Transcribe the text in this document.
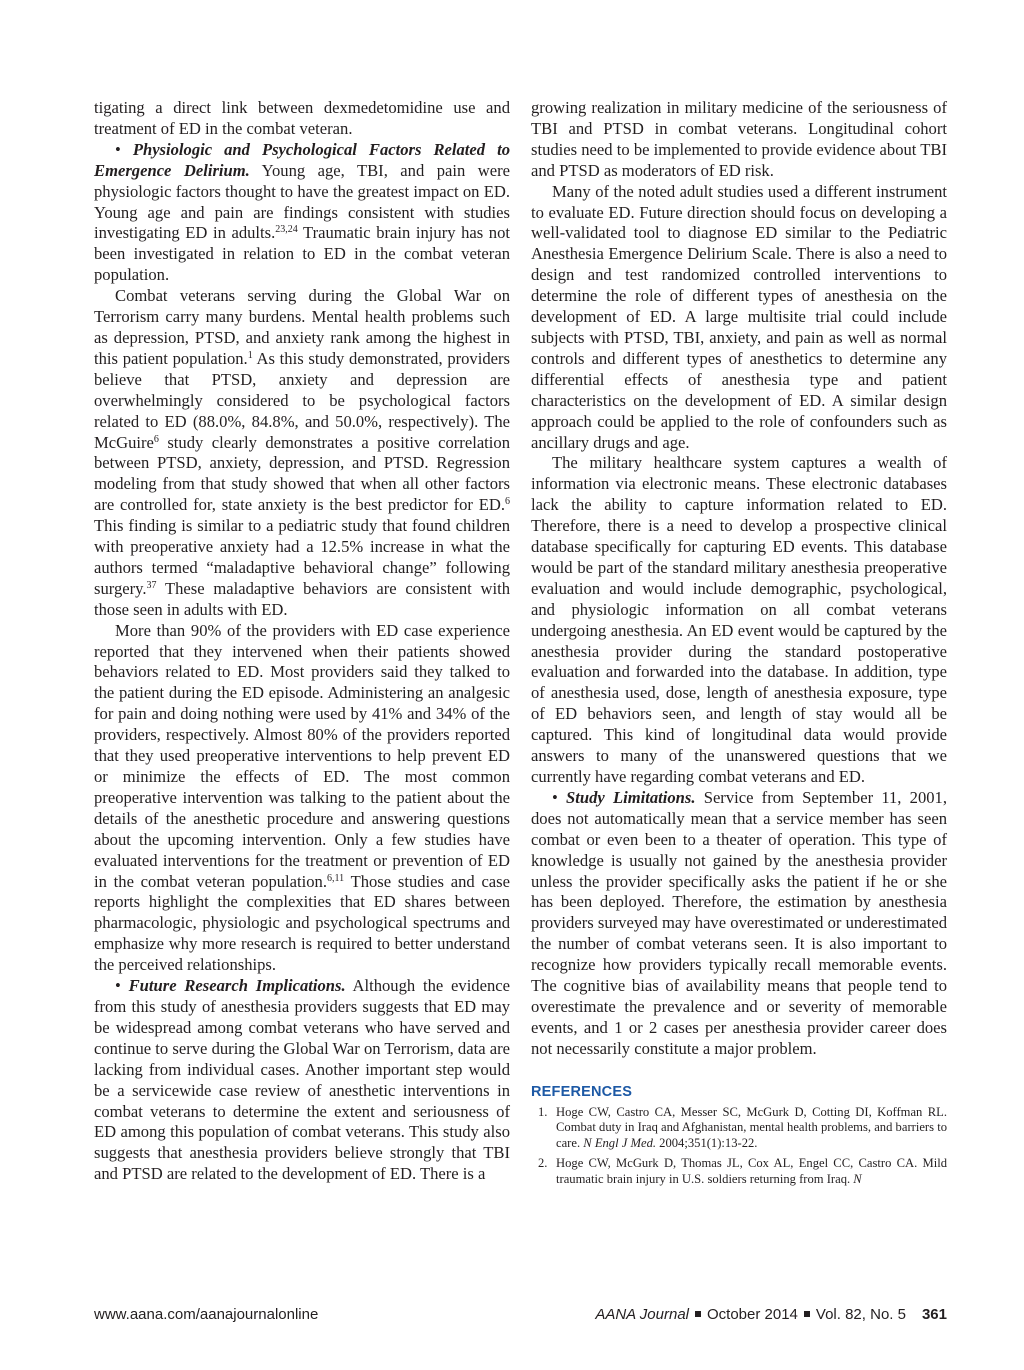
tigating a direct link between dexmedetomidine use and treatment of ED in the combat veteran.

• Physiologic and Psychological Factors Related to Emergence Delirium. Young age, TBI, and pain were physiologic factors thought to have the greatest impact on ED. Young age and pain are findings consistent with studies investigating ED in adults.$^{23,24}$ Traumatic brain injury has not been investigated in relation to ED in the combat veteran population.

Combat veterans serving during the Global War on Terrorism carry many burdens. Mental health problems such as depression, PTSD, and anxiety rank among the highest in this patient population.$^1$ As this study demonstrated, providers believe that PTSD, anxiety and depression are overwhelmingly considered to be psychological factors related to ED (88.0%, 84.8%, and 50.0%, respectively). The McGuire$^6$ study clearly demonstrates a positive correlation between PTSD, anxiety, depression, and PTSD. Regression modeling from that study showed that when all other factors are controlled for, state anxiety is the best predictor for ED.$^6$ This finding is similar to a pediatric study that found children with preoperative anxiety had a 12.5% increase in what the authors termed “maladaptive behavioral change” following surgery.$^{37}$ These maladaptive behaviors are consistent with those seen in adults with ED.

More than 90% of the providers with ED case experience reported that they intervened when their patients showed behaviors related to ED. Most providers said they talked to the patient during the ED episode. Administering an analgesic for pain and doing nothing were used by 41% and 34% of the providers, respectively. Almost 80% of the providers reported that they used preoperative interventions to help prevent ED or minimize the effects of ED. The most common preoperative intervention was talking to the patient about the details of the anesthetic procedure and answering questions about the upcoming intervention. Only a few studies have evaluated interventions for the treatment or prevention of ED in the combat veteran population.$^{6,11}$ Those studies and case reports highlight the complexities that ED shares between pharmacologic, physiologic and psychological spectrums and emphasize why more research is required to better understand the perceived relationships.

• Future Research Implications. Although the evidence from this study of anesthesia providers suggests that ED may be widespread among combat veterans who have served and continue to serve during the Global War on Terrorism, data are lacking from individual cases. Another important step would be a servicewide case review of anesthetic interventions in combat veterans to determine the extent and seriousness of ED among this population of combat veterans. This study also suggests that anesthesia providers believe strongly that TBI and PTSD are related to the development of ED. There is a

growing realization in military medicine of the seriousness of TBI and PTSD in combat veterans. Longitudinal cohort studies need to be implemented to provide evidence about TBI and PTSD as moderators of ED risk.

Many of the noted adult studies used a different instrument to evaluate ED. Future direction should focus on developing a well-validated tool to diagnose ED similar to the Pediatric Anesthesia Emergence Delirium Scale. There is also a need to design and test randomized controlled interventions to determine the role of different types of anesthesia on the development of ED. A large multisite trial could include subjects with PTSD, TBI, anxiety, and pain as well as normal controls and different types of anesthetics to determine any differential effects of anesthesia type and patient characteristics on the development of ED. A similar design approach could be applied to the role of confounders such as ancillary drugs and age.

The military healthcare system captures a wealth of information via electronic means. These electronic databases lack the ability to capture information related to ED. Therefore, there is a need to develop a prospective clinical database specifically for capturing ED events. This database would be part of the standard military anesthesia preoperative evaluation and would include demographic, psychological, and physiologic information on all combat veterans undergoing anesthesia. An ED event would be captured by the anesthesia provider during the standard postoperative evaluation and forwarded into the database. In addition, type of anesthesia used, dose, length of anesthesia exposure, type of ED behaviors seen, and length of stay would all be captured. This kind of longitudinal data would provide answers to many of the unanswered questions that we currently have regarding combat veterans and ED.

• Study Limitations. Service from September 11, 2001, does not automatically mean that a service member has seen combat or even been to a theater of operation. This type of knowledge is usually not gained by the anesthesia provider unless the provider specifically asks the patient if he or she has been deployed. Therefore, the estimation by anesthesia providers surveyed may have overestimated or underestimated the number of combat veterans seen. It is also important to recognize how providers typically recall memorable events. The cognitive bias of availability means that people tend to overestimate the prevalence and or severity of memorable events, and 1 or 2 cases per anesthesia provider career does not necessarily constitute a major problem.

REFERENCES
1. Hoge CW, Castro CA, Messer SC, McGurk D, Cotting DI, Koffman RL. Combat duty in Iraq and Afghanistan, mental health problems, and barriers to care. N Engl J Med. 2004;351(1):13-22.
2. Hoge CW, McGurk D, Thomas JL, Cox AL, Engel CC, Castro CA. Mild traumatic brain injury in U.S. soldiers returning from Iraq. N
www.aana.com/aanajournalonline	AANA Journal October 2014 Vol. 82, No. 5 361
